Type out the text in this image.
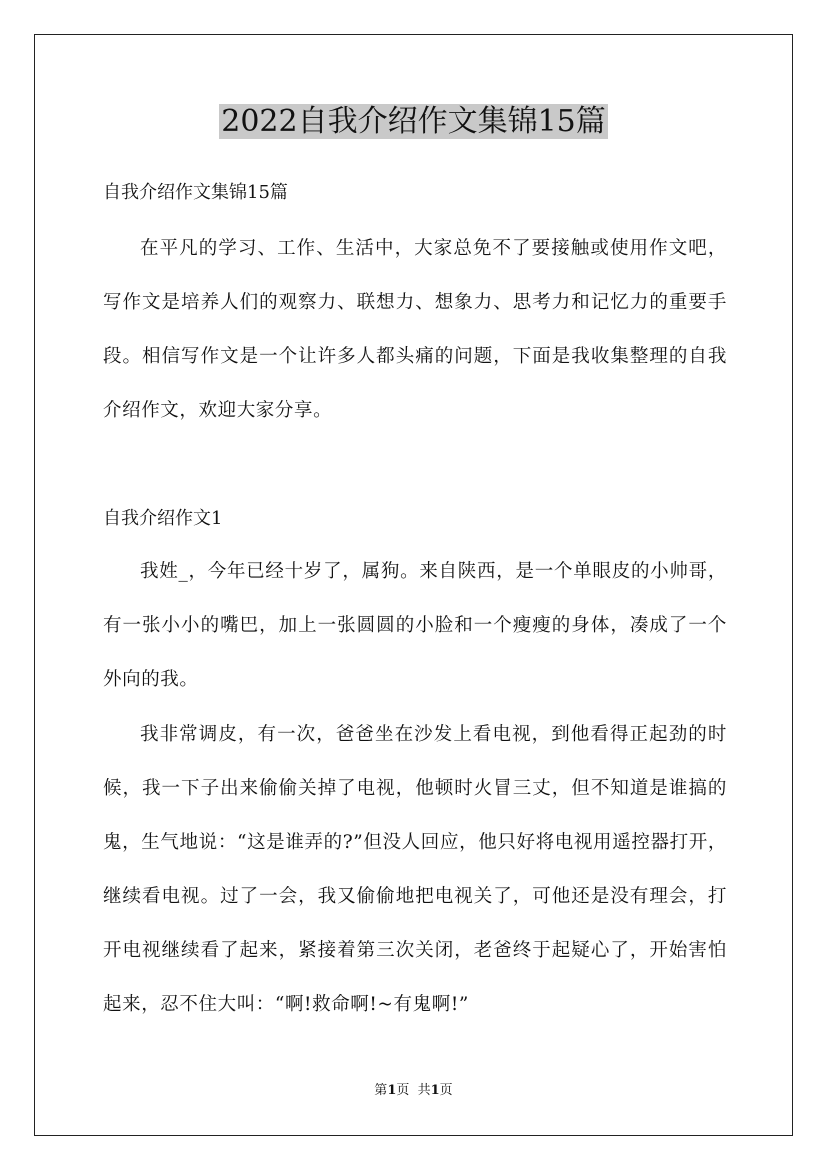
2022自我介绍作文集锦15篇

自我介绍作文集锦15篇

在平凡的学习、工作、生活中，大家总免不了要接触或使用作文吧，写作文是培养人们的观察力、联想力、想象力、思考力和记忆力的重要手段。相信写作文是一个让许多人都头痛的问题，下面是我收集整理的自我介绍作文，欢迎大家分享。

自我介绍作文1

我姓_，今年已经十岁了，属狗。来自陕西，是一个单眼皮的小帅哥，有一张小小的嘴巴，加上一张圆圆的小脸和一个瘦瘦的身体，凑成了一个外向的我。

我非常调皮，有一次，爸爸坐在沙发上看电视，到他看得正起劲的时候，我一下子出来偷偷关掉了电视，他顿时火冒三丈，但不知道是谁搞的鬼，生气地说：“这是谁弄的?”但没人回应，他只好将电视用遥控器打开，继续看电视。过了一会，我又偷偷地把电视关了，可他还是没有理会，打开电视继续看了起来，紧接着第三次关闭，老爸终于起疑心了，开始害怕起来，忍不住大叫：“啊!救命啊!~有鬼啊!”

第1页  共1页
